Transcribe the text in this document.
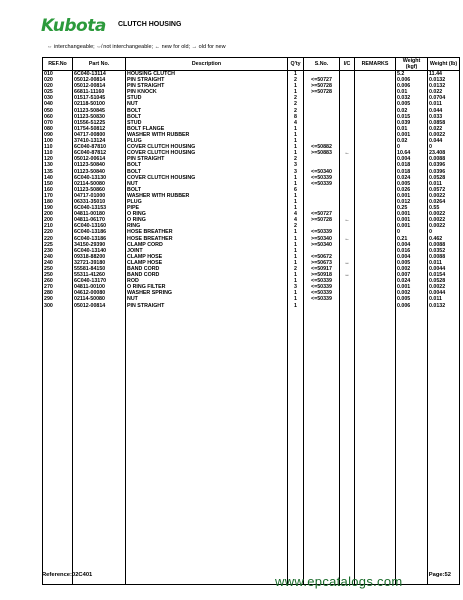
Kubota CLUTCH HOUSING
⇔ interchangeable; ⇎ not interchangeable; ← new for old; → old for new
REF.No	Part No.	Description	Q'ty	S.No.	I/C	REMARKS	Weight (kgf)	Weight (lb)
010	6C040-13114	HOUSING CLUTCH	1				5.2	11.44
020	05012-00814	PIN STRAIGHT	2	<=50727			0.006	0.0132
020	05012-00814	PIN STRAIGHT	1	>=50728			0.006	0.0132
025	66811-11160	PIN KNOCK	1	>=50728			0.01	0.022
030	01517-51045	STUD	2				0.032	0.0704
040	02118-50100	NUT	2				0.005	0.011
050	01123-50845	BOLT	2				0.02	0.044
060	01123-50830	BOLT	8				0.015	0.033
070	01556-51225	STUD	4				0.039	0.0858
080	01754-50812	BOLT FLANGE	1				0.01	0.022
090	04717-00800	WASHER WITH RUBBER	1				0.001	0.0022
100	37410-13124	PLUG	1				0.02	0.044
110	6C040-87810	COVER CLUTCH HOUSING	1	<=50882			0	0
110	6C040-87812	COVER CLUTCH HOUSING	1	>=50883	←		10.64	23.408
120	05012-00614	PIN STRAIGHT	2				0.004	0.0088
130	01123-50840	BOLT	3				0.018	0.0396
135	01123-50840	BOLT	3	<=50340			0.018	0.0396
140	6C040-13130	COVER CLUTCH HOUSING	1	<=50339			0.024	0.0528
150	02114-50080	NUT	1	<=50339			0.005	0.011
160	01123-50860	BOLT	6				0.026	0.0572
170	04717-01000	WASHER WITH RUBBER	1				0.001	0.0022
180	06331-35010	PLUG	1				0.012	0.0264
190	6C040-13153	PIPE	1				0.25	0.55
200	04811-00180	O RING	4	<=50727			0.001	0.0022
200	04811-06170	O RING	4	>=50728	←		0.001	0.0022
210	6C040-13160	RING	2				0.001	0.0022
220	6C040-13186	HOSE BREATHER	1	<=50339			0	0
220	6C040-13186	HOSE BREATHER	1	>=50340	←		0.21	0.462
225	34150-29390	CLAMP CORD	1	>=50340			0.004	0.0088
230	6C040-13140	JOINT	1				0.016	0.0352
240	09318-88200	CLAMP HOSE	1	<=50672			0.004	0.0088
240	32721-39180	CLAMP HOSE	1	>=50673	↔		0.005	0.011
250	55581-84150	BAND CORD	2	<=50917			0.002	0.0044
250	55311-41260	BAND CORD	1	>=50918	↔		0.007	0.0154
260	6C040-13170	ROD	1	<=50339			0.024	0.0528
270	04811-00100	O RING FILTER	3	<=50339			0.001	0.0022
280	04612-00080	WASHER SPRING	1	<=50339			0.002	0.0044
290	02114-50080	NUT	1	<=50339			0.005	0.011
300	05012-00814	PIN STRAIGHT	1				0.006	0.0132

Reference:02C401	www.epcatalogs.com	Page:52
